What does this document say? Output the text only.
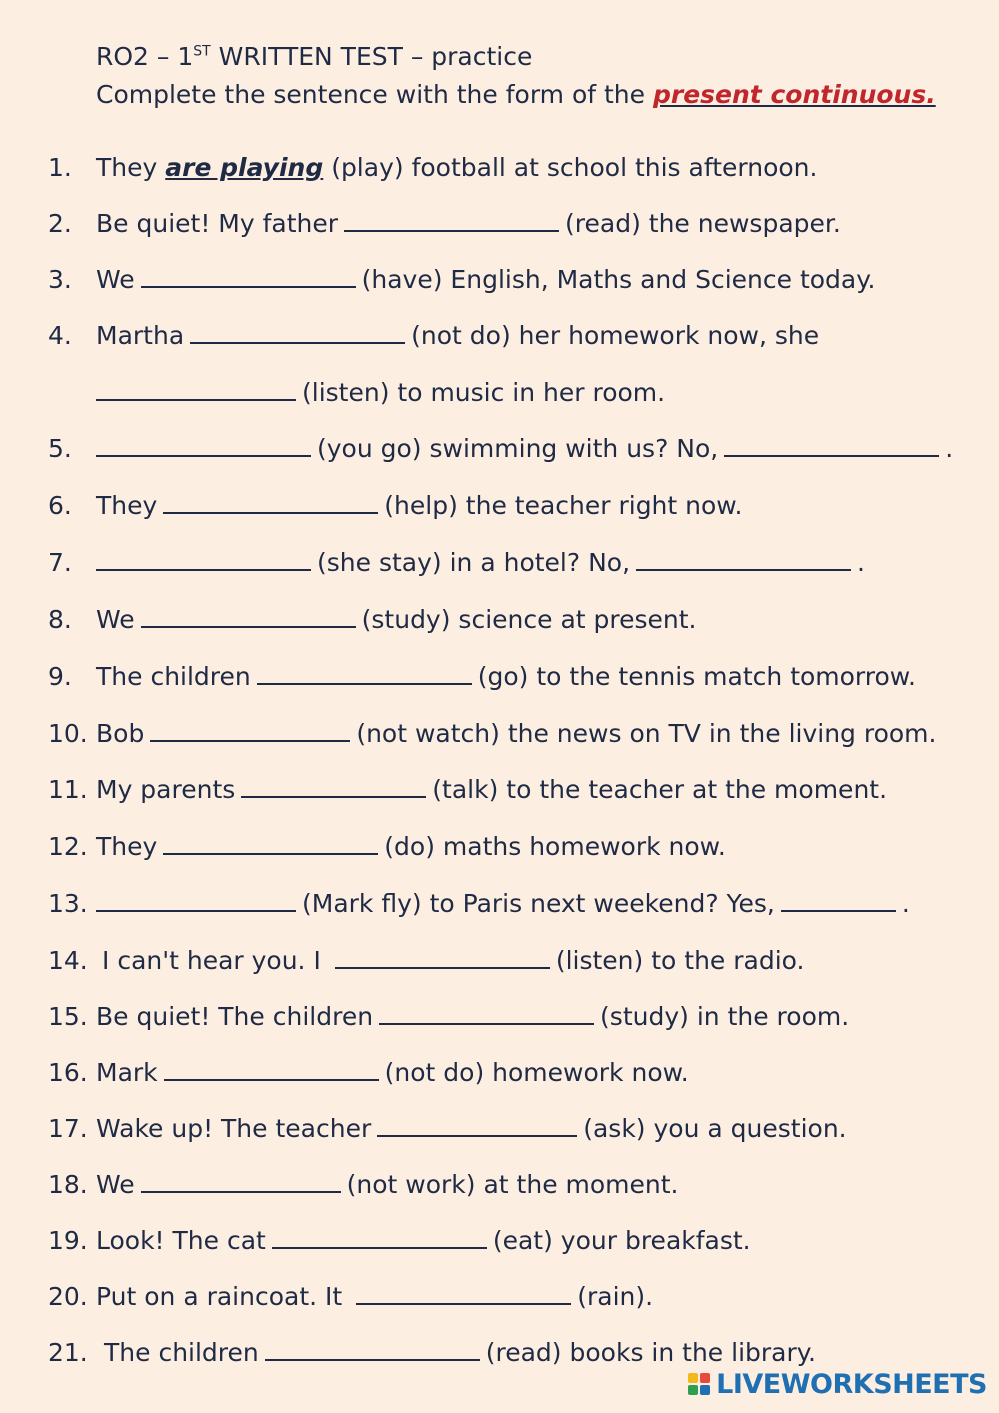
RO2 – 1ST WRITTEN TEST – practice
Complete the sentence with the form of the present continuous.
1. They are playing (play) football at school this afternoon.
2. Be quiet! My father	(read) the newspaper.
3. We	(have) English, Maths and Science today.
4. Martha	(not do) her homework now, she
(listen) to music in her room.
5.	(you go) swimming with us? No,	.
6. They	(help) the teacher right now.
7.	(she stay) in a hotel? No,	.
8. We	(study) science at present.
9. The children	(go) to the tennis match tomorrow.
10. Bob	(not watch) the news on TV in the living room.
11. My parents	(talk) to the teacher at the moment.
12. They	(do) maths homework now.
13.	(Mark fly) to Paris next weekend? Yes,	.
14. I can't hear you. I	(listen) to the radio.
15. Be quiet! The children	(study) in the room.
16. Mark	(not do) homework now.
17. Wake up! The teacher	(ask) you a question.
18. We	(not work) at the moment.
19. Look! The cat	(eat) your breakfast.
20. Put on a raincoat. It	(rain).
21. The children	(read) books in the library.
LIVEWORKSHEETS
